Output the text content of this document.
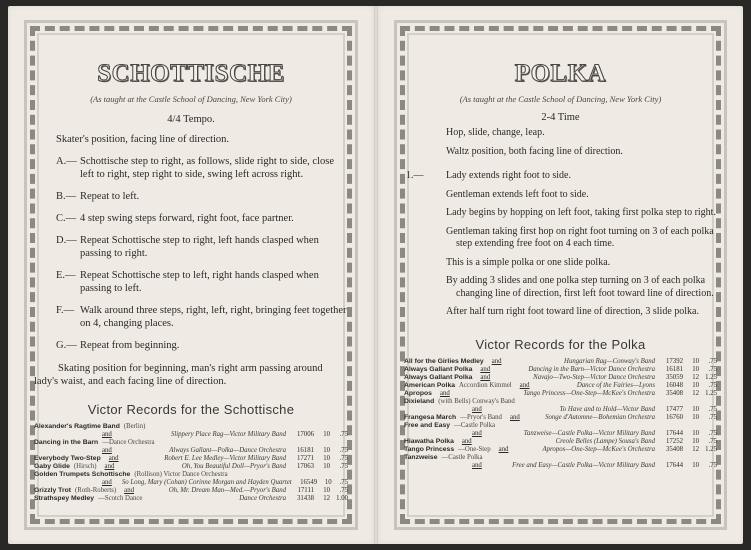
SCHOTTISCHE
(As taught at the Castle School of Dancing, New York City)
4/4 Tempo.
Skater's position, facing line of direction.
A.— Schottische step to right, as follows, slide right to side, close left to right, step right to side, swing left across right.
B.— Repeat to left.
C.— 4 step swing steps forward, right foot, face partner.
D.— Repeat Schottische step to right, left hands clasped when passing to right.
E.— Repeat Schottische step to left, right hands clasped when passing to left.
F.— Walk around three steps, right, left, right, bringing feet together on 4, changing places.
G.— Repeat from beginning.
Skating position for beginning, man's right arm passing around lady's waist, and each facing line of direction.
Victor Records for the Schottische
Alexander's Ragtime Band (Berlin)
and	Slippery Place Rag—Victor Military Band	17006	10	.75
Dancing in the Barn —Dance Orchestra
and	Always Gallant—Polka—Dance Orchestra	16181	10	.75
Everybody Two-Step and	Robert E. Lee Medley—Victor Military Band	17271	10	.75
Gaby Glide (Hirsch) and	Oh, You Beautiful Doll—Pryor's Band	17063	10	.75
Golden Trumpets Schottische (Rollison) Victor Dance Orchestra
and So Long, Mary (Cohan) Corinne Morgan and Hayden Quartet	16549	10	.75
Grizzly Trot (Roth-Roberts) and	Oh, Mr. Dream Man—Med.—Pryor's Band	17111	10	.75
Strathspey Medley —Scotch Dance	Dance Orchestra	31438	12 1.00
POLKA
(As taught at the Castle School of Dancing, New York City)
2-4 Time
Hop, slide, change, leap.
Waltz position, both facing line of direction.
1.— Lady extends right foot to side.
Gentleman extends left foot to side.
Lady begins by hopping on left foot, taking first polka step to right.
Gentleman taking first hop on right foot turning on 3 of each polka step extending free foot on 4 each time.
This is a simple polka or one slide polka.
By adding 3 slides and one polka step turning on 3 of each polka changing line of direction, first left foot toward line of direction.
After half turn right foot toward line of direction, 3 slide polka.
Victor Records for the Polka
All for the Girlies Medley and	Hungarian Rag—Conway's Band	17392	10	.75
Always Gallant Polka and	Dancing in the Barn—Victor Dance Orchestra	16181	10	.75
Always Gallant Polka and	Navajo—Two-Step—Victor Dance Orchestra	35059	12 1.25
American Polka Accordion Kimmel and	Dance of the Fairies—Lyons	16048	10	.75
Apropos and	Tango Princess—One-Step—McKee's Orchestra	35408	12 1.25
Dixieland (with Bells) Conway's Band
and	To Have and to Hold—Victor Band	17477	10	.75
Frangesa March —Pryor's Band and	Songe d'Automne—Bohemian Orchestra	16760	10	.75
Free and Easy —Castle Polka
and	Tanzweise—Castle Polka—Victor Military Band	17644	10	.75
Hiawatha Polka and	Creole Belles (Lampe) Sousa's Band	17252	10	.75
Tango Princess —One-Step and	Apropos—One-Step—McKee's Orchestra	35408	12 1.25
Tanzweise —Castle Polka
and	Free and Easy—Castle Polka—Victor Military Band	17644	10	.75
